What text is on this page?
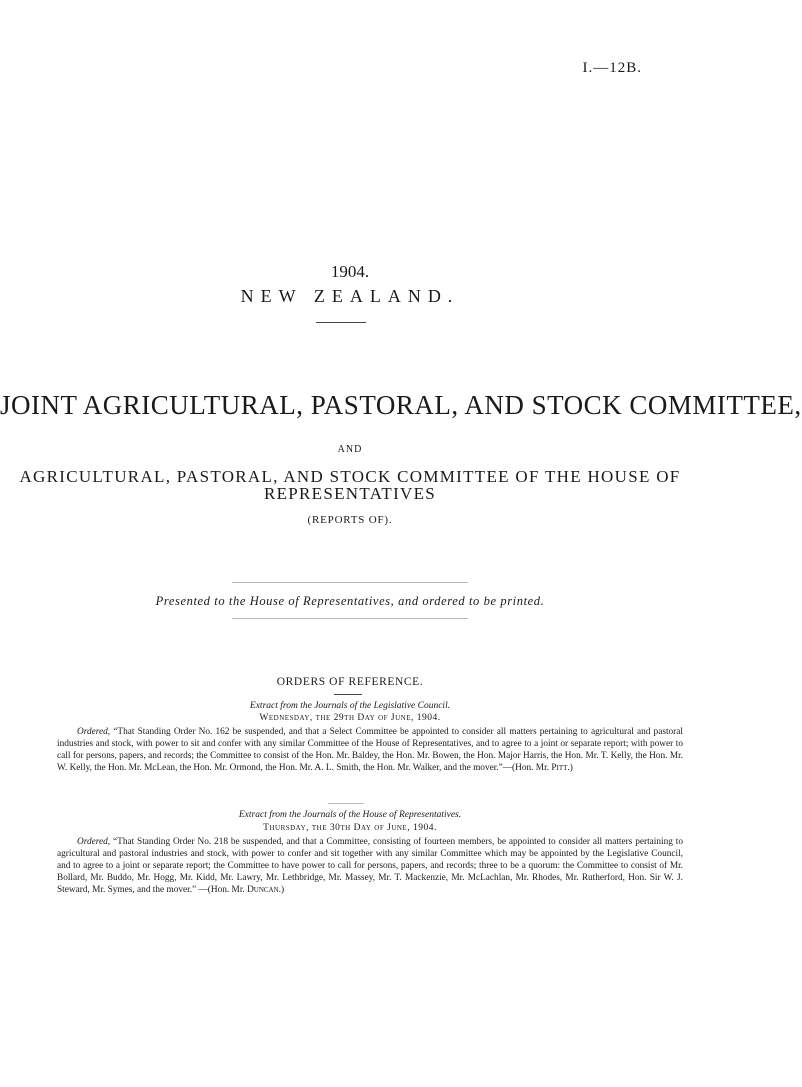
I.—12B.
1904.
NEW ZEALAND.
JOINT AGRICULTURAL, PASTORAL, AND STOCK COMMITTEE,
AND
AGRICULTURAL, PASTORAL, AND STOCK COMMITTEE OF THE HOUSE OF
REPRESENTATIVES
(REPORTS OF).
Presented to the House of Representatives, and ordered to be printed.
ORDERS OF REFERENCE.
Extract from the Journals of the Legislative Council.
Wednesday, the 29th Day of June, 1904.
Ordered, “That Standing Order No. 162 be suspended, and that a Select Committee be appointed to consider all matters pertaining to agricultural and pastoral industries and stock, with power to sit and confer with any similar Committee of the House of Representatives, and to agree to a joint or separate report; with power to call for persons, papers, and records; the Committee to consist of the Hon. Mr. Baldey, the Hon. Mr. Bowen, the Hon. Major Harris, the Hon. Mr. T. Kelly, the Hon. Mr. W. Kelly, the Hon. Mr. McLean, the Hon. Mr. Ormond, the Hon. Mr. A. L. Smith, the Hon. Mr. Walker, and the mover.”—(Hon. Mr. Pitt.)
Extract from the Journals of the House of Representatives.
Thursday, the 30th Day of June, 1904.
Ordered, “That Standing Order No. 218 be suspended, and that a Committee, consisting of fourteen members, be appointed to consider all matters pertaining to agricultural and pastoral industries and stock, with power to confer and sit together with any similar Committee which may be appointed by the Legislative Council, and to agree to a joint or separate report; the Committee to have power to call for persons, papers, and records; three to be a quorum: the Committee to consist of Mr. Bollard, Mr. Buddo, Mr. Hogg, Mr. Kidd, Mr. Lawry, Mr. Lethbridge, Mr. Massey, Mr. T. Mackenzie, Mr. McLachlan, Mr. Rhodes, Mr. Rutherford, Hon. Sir W. J. Steward, Mr. Symes, and the mover.” —(Hon. Mr. Duncan.)
